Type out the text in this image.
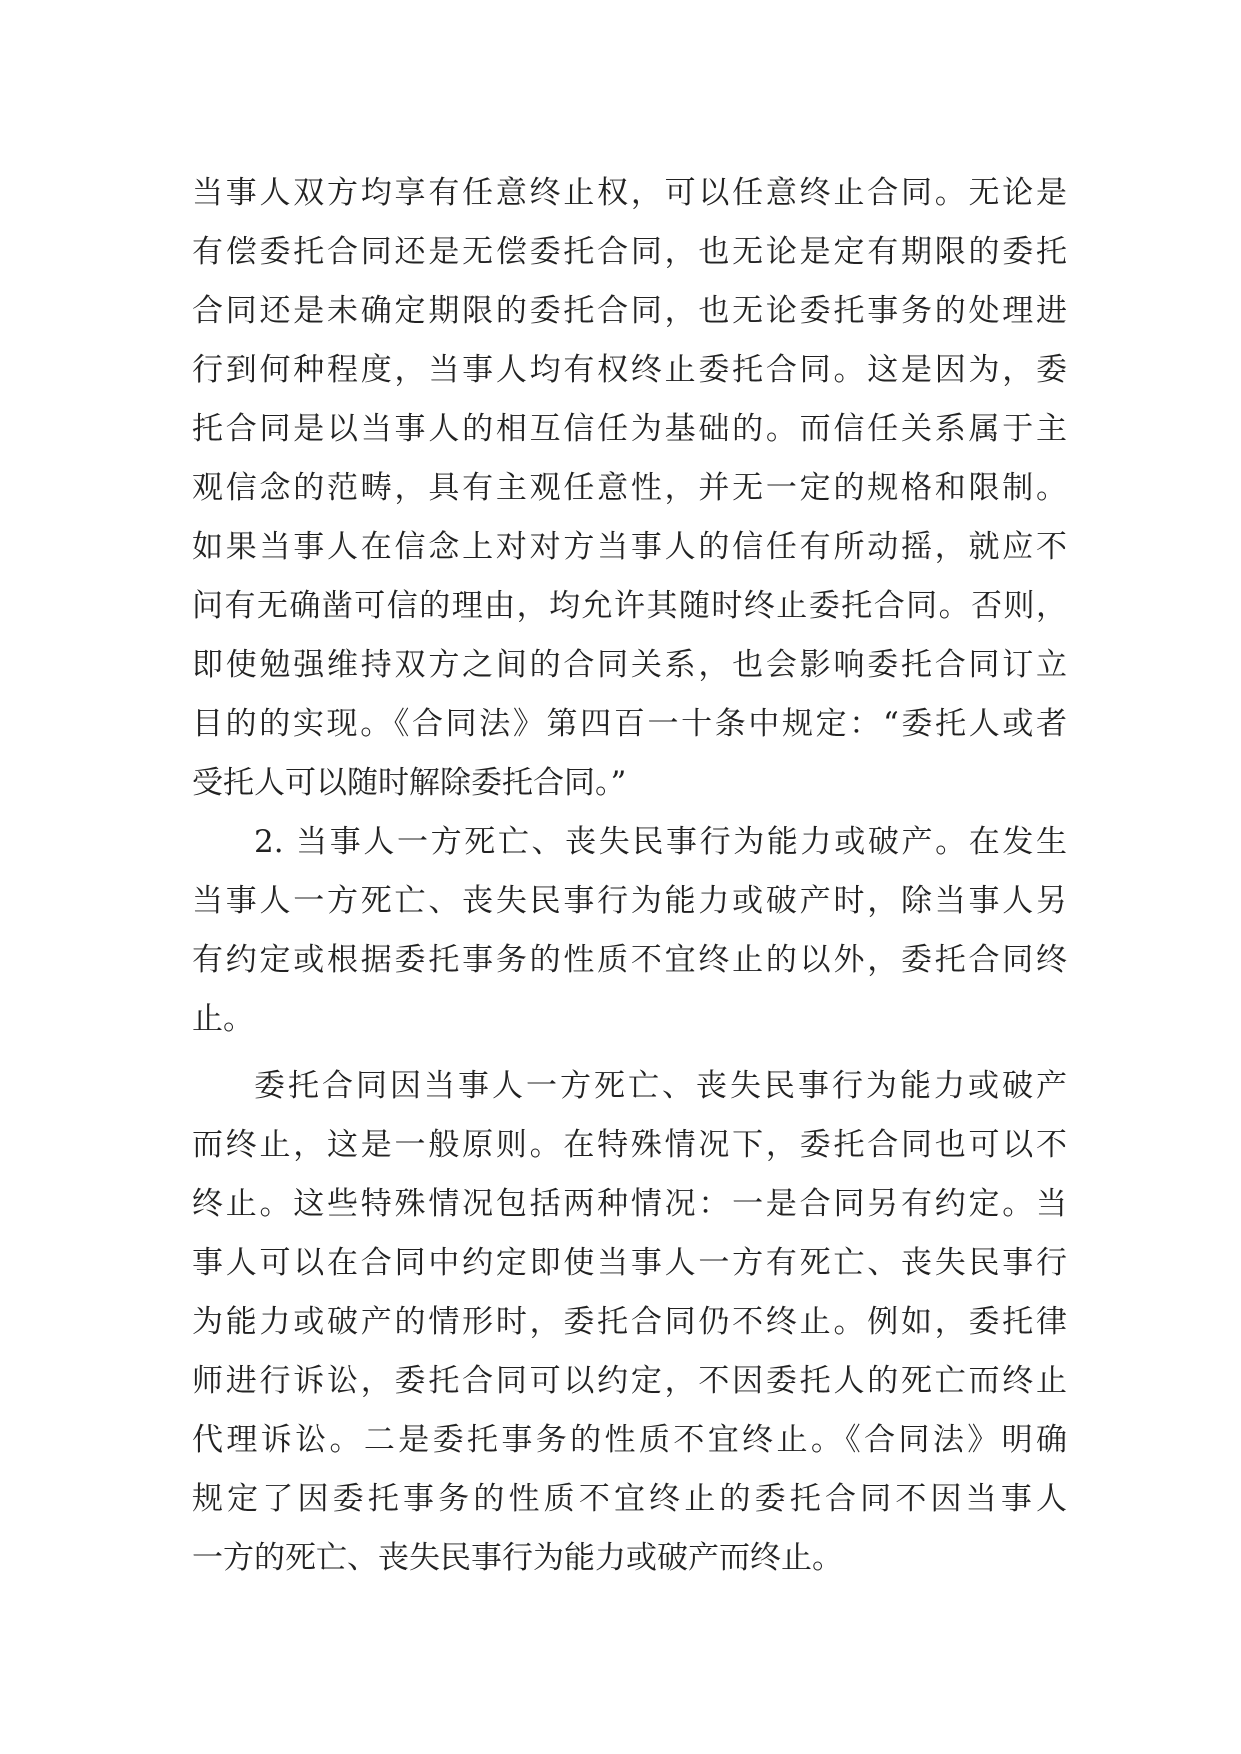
当事人双方均享有任意终止权，可以任意终止合同。无论是
有偿委托合同还是无偿委托合同，也无论是定有期限的委托
合同还是未确定期限的委托合同，也无论委托事务的处理进
行到何种程度，当事人均有权终止委托合同。这是因为，委
托合同是以当事人的相互信任为基础的。而信任关系属于主
观信念的范畴，具有主观任意性，并无一定的规格和限制。
如果当事人在信念上对对方当事人的信任有所动摇，就应不
问有无确凿可信的理由，均允许其随时终止委托合同。否则，
即使勉强维持双方之间的合同关系，也会影响委托合同订立
目的的实现。《合同法》第四百一十条中规定：“委托人或者
受托人可以随时解除委托合同。”
2. 当事人一方死亡、丧失民事行为能力或破产。在发生
当事人一方死亡、丧失民事行为能力或破产时，除当事人另
有约定或根据委托事务的性质不宜终止的以外，委托合同终
止。
委托合同因当事人一方死亡、丧失民事行为能力或破产
而终止，这是一般原则。在特殊情况下，委托合同也可以不
终止。这些特殊情况包括两种情况：一是合同另有约定。当
事人可以在合同中约定即使当事人一方有死亡、丧失民事行
为能力或破产的情形时，委托合同仍不终止。例如，委托律
师进行诉讼，委托合同可以约定，不因委托人的死亡而终止
代理诉讼。二是委托事务的性质不宜终止。《合同法》明确
规定了因委托事务的性质不宜终止的委托合同不因当事人
一方的死亡、丧失民事行为能力或破产而终止。
